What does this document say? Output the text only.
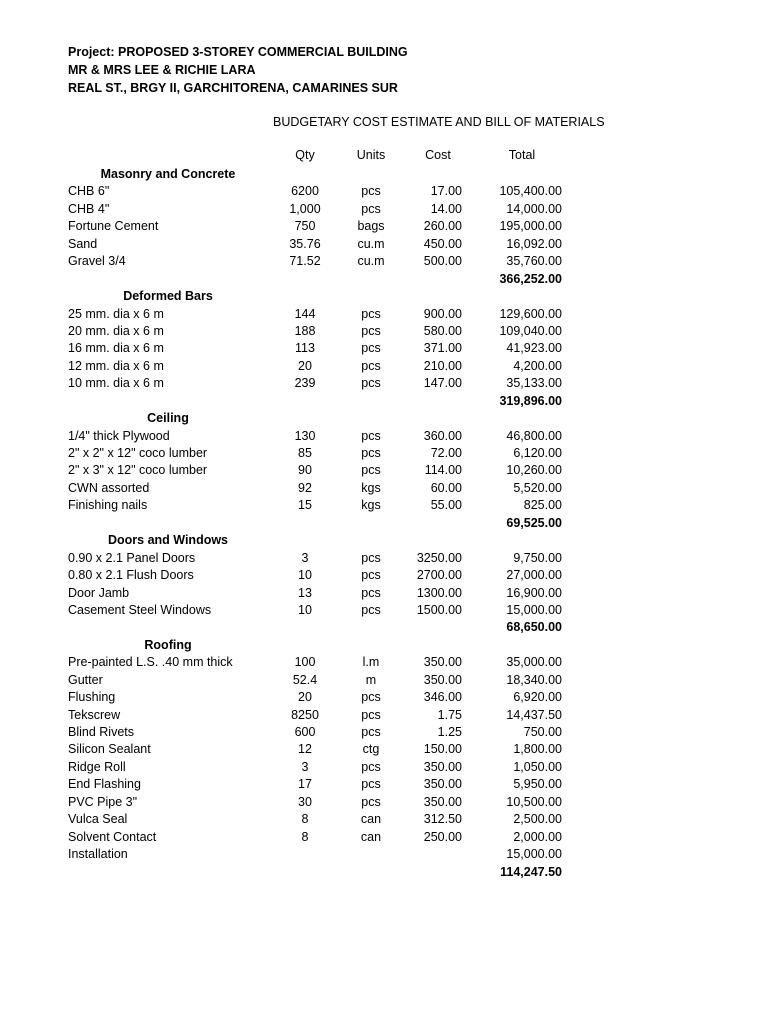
Project: PROPOSED 3-STOREY COMMERCIAL BUILDING
MR & MRS LEE & RICHIE LARA
REAL ST., BRGY II, GARCHITORENA, CAMARINES SUR
BUDGETARY COST ESTIMATE AND BILL OF MATERIALS
Qty	Units	Cost	Total
Masonry and Concrete
CHB 6"	6200	pcs	17.00	105,400.00
CHB 4"	1,000	pcs	14.00	14,000.00
Fortune Cement	750	bags	260.00	195,000.00
Sand	35.76	cu.m	450.00	16,092.00
Gravel 3/4	71.52	cu.m	500.00	35,760.00
366,252.00
Deformed Bars
25 mm. dia x 6 m	144	pcs	900.00	129,600.00
20 mm. dia x 6 m	188	pcs	580.00	109,040.00
16 mm. dia x 6 m	113	pcs	371.00	41,923.00
12 mm. dia x 6 m	20	pcs	210.00	4,200.00
10 mm. dia x 6 m	239	pcs	147.00	35,133.00
319,896.00
Ceiling
1/4" thick Plywood	130	pcs	360.00	46,800.00
2" x 2" x 12" coco lumber	85	pcs	72.00	6,120.00
2" x 3" x 12" coco lumber	90	pcs	114.00	10,260.00
CWN assorted	92	kgs	60.00	5,520.00
Finishing nails	15	kgs	55.00	825.00
69,525.00
Doors and Windows
0.90 x 2.1 Panel Doors	3	pcs	3250.00	9,750.00
0.80 x 2.1 Flush Doors	10	pcs	2700.00	27,000.00
Door Jamb	13	pcs	1300.00	16,900.00
Casement Steel Windows	10	pcs	1500.00	15,000.00
68,650.00
Roofing
Pre-painted L.S. .40 mm thick	100	l.m	350.00	35,000.00
Gutter	52.4	m	350.00	18,340.00
Flushing	20	pcs	346.00	6,920.00
Tekscrew	8250	pcs	1.75	14,437.50
Blind Rivets	600	pcs	1.25	750.00
Silicon Sealant	12	ctg	150.00	1,800.00
Ridge Roll	3	pcs	350.00	1,050.00
End Flashing	17	pcs	350.00	5,950.00
PVC Pipe 3"	30	pcs	350.00	10,500.00
Vulca Seal	8	can	312.50	2,500.00
Solvent Contact	8	can	250.00	2,000.00
Installation	15,000.00
114,247.50
